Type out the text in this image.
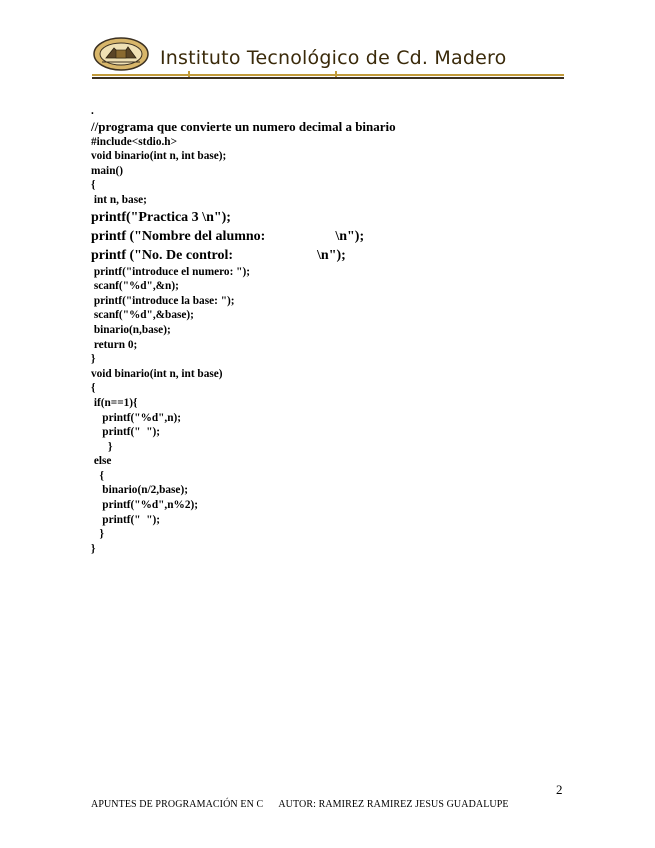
Instituto Tecnológico de Cd. Madero
.
//programa que convierte un numero decimal a binario
#include<stdio.h>
void binario(int n, int base);
main()
{
int n, base;
printf("Practica 3 \n");
printf ("Nombre del alumno:                    \n");
printf ("No. De control:                        \n");
printf("introduce el numero: ");
scanf("%d",&n);
printf("introduce la base: ");
scanf("%d",&base);
binario(n,base);
return 0;
}
void binario(int n, int base)
{
if(n==1){
printf("%d",n);
printf("  ");
}
else
{
binario(n/2,base);
printf("%d",n%2);
printf("  ");
}
}
2
APUNTES DE PROGRAMACIÓN EN C AUTOR: RAMIREZ RAMIREZ JESUS GUADALUPE
